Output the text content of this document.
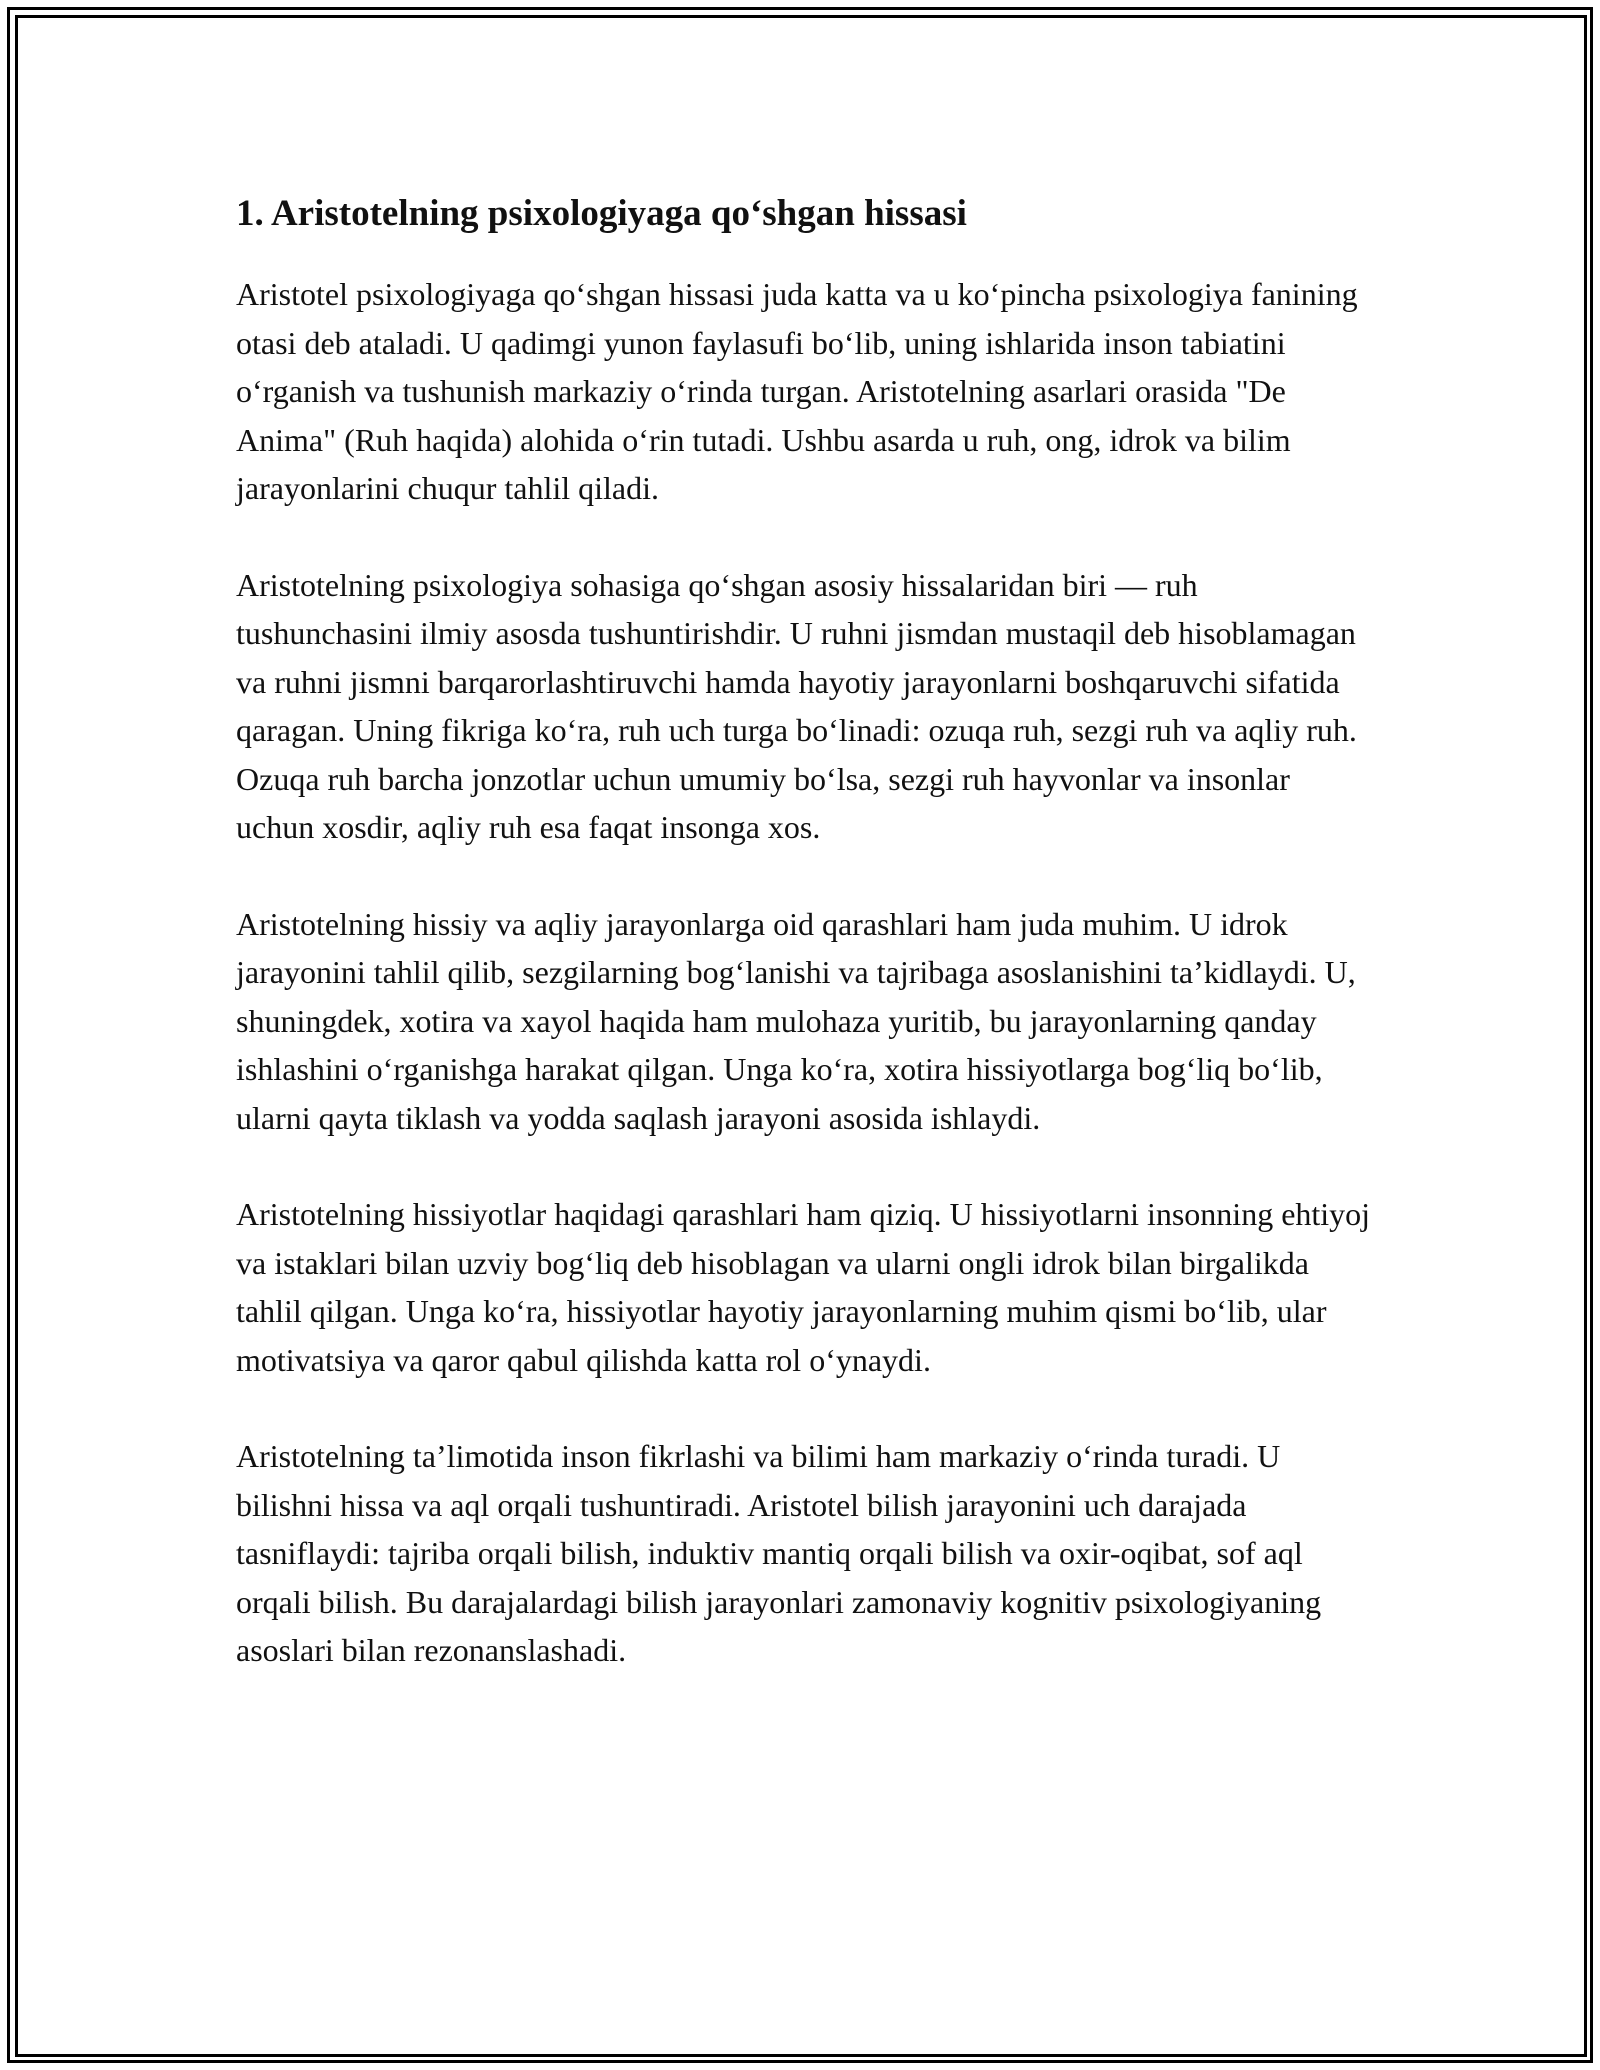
1. Aristotelning psixologiyaga qo‘shgan hissasi

Aristotel psixologiyaga qo‘shgan hissasi juda katta va u ko‘pincha psixologiya fanining otasi deb ataladi. U qadimgi yunon faylasufi bo‘lib, uning ishlarida inson tabiatini o‘rganish va tushunish markaziy o‘rinda turgan. Aristotelning asarlari orasida "De Anima" (Ruh haqida) alohida o‘rin tutadi. Ushbu asarda u ruh, ong, idrok va bilim jarayonlarini chuqur tahlil qiladi.

Aristotelning psixologiya sohasiga qo‘shgan asosiy hissalaridan biri — ruh tushunchasini ilmiy asosda tushuntirishdir. U ruhni jismdan mustaqil deb hisoblamagan va ruhni jismni barqarorlashtiruvchi hamda hayotiy jarayonlarni boshqaruvchi sifatida qaragan. Uning fikriga ko‘ra, ruh uch turga bo‘linadi: ozuqa ruh, sezgi ruh va aqliy ruh. Ozuqa ruh barcha jonzotlar uchun umumiy bo‘lsa, sezgi ruh hayvonlar va insonlar uchun xosdir, aqliy ruh esa faqat insonga xos.

Aristotelning hissiy va aqliy jarayonlarga oid qarashlari ham juda muhim. U idrok jarayonini tahlil qilib, sezgilarning bog‘lanishi va tajribaga asoslanishini ta’kidlaydi. U, shuningdek, xotira va xayol haqida ham mulohaza yuritib, bu jarayonlarning qanday ishlashini o‘rganishga harakat qilgan. Unga ko‘ra, xotira hissiyotlarga bog‘liq bo‘lib, ularni qayta tiklash va yodda saqlash jarayoni asosida ishlaydi.

Aristotelning hissiyotlar haqidagi qarashlari ham qiziq. U hissiyotlarni insonning ehtiyoj va istaklari bilan uzviy bog‘liq deb hisoblagan va ularni ongli idrok bilan birgalikda tahlil qilgan. Unga ko‘ra, hissiyotlar hayotiy jarayonlarning muhim qismi bo‘lib, ular motivatsiya va qaror qabul qilishda katta rol o‘ynaydi.

Aristotelning ta’limotida inson fikrlashi va bilimi ham markaziy o‘rinda turadi. U bilishni hissa va aql orqali tushuntiradi. Aristotel bilish jarayonini uch darajada tasniflaydi: tajriba orqali bilish, induktiv mantiq orqali bilish va oxir-oqibat, sof aql orqali bilish. Bu darajalardagi bilish jarayonlari zamonaviy kognitiv psixologiyaning asoslari bilan rezonanslashadi.
